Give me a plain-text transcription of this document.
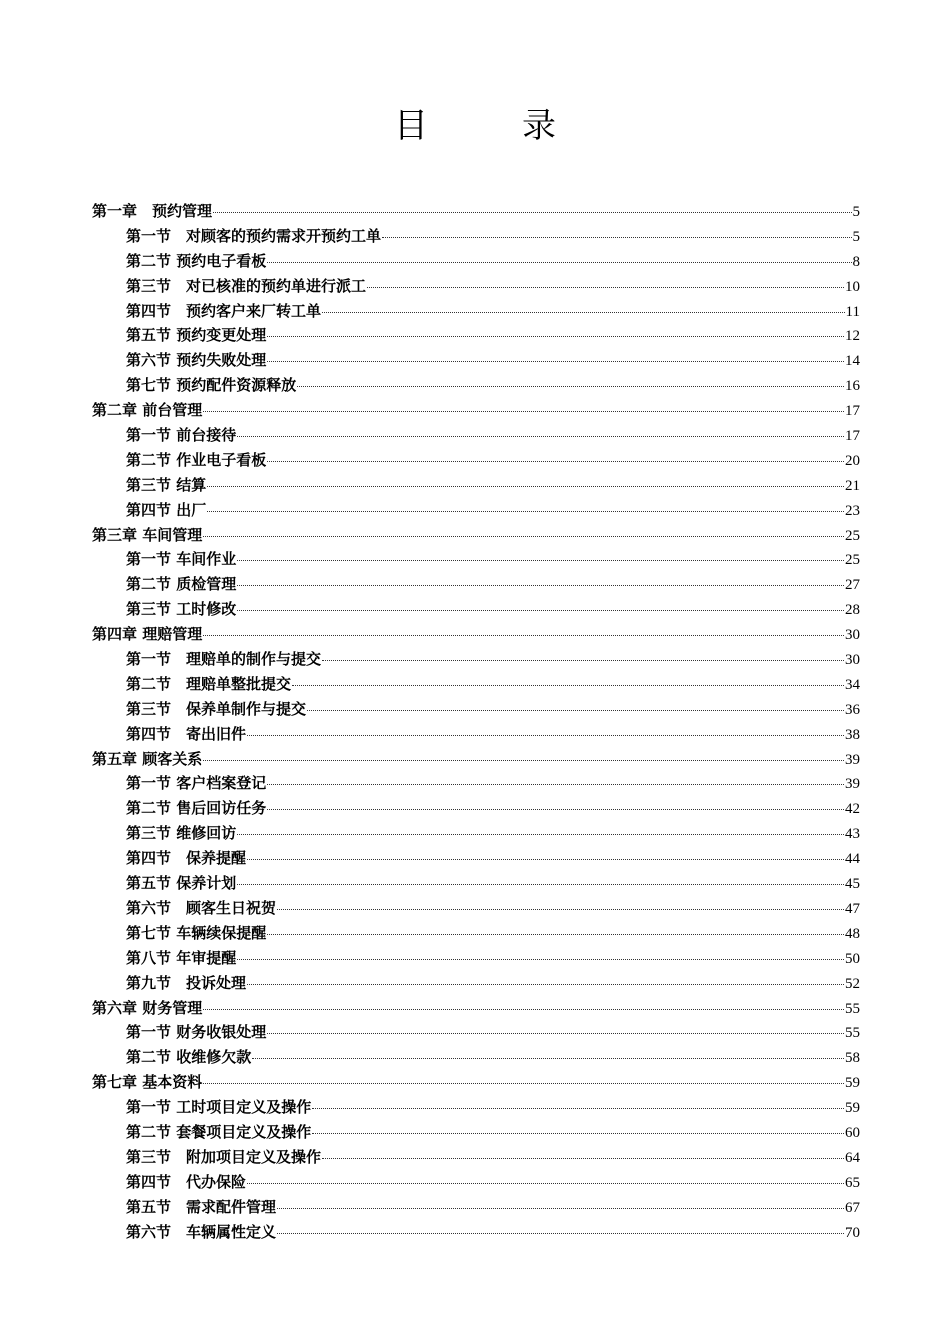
目　录
第一章　预约管理	5
第一节　对顾客的预约需求开预约工单	5
第二节 预约电子看板	8
第三节　对已核准的预约单进行派工	10
第四节　预约客户来厂转工单	11
第五节 预约变更处理	12
第六节 预约失败处理	14
第七节 预约配件资源释放	16
第二章 前台管理	17
第一节 前台接待	17
第二节 作业电子看板	20
第三节 结算	21
第四节 出厂	23
第三章 车间管理	25
第一节 车间作业	25
第二节 质检管理	27
第三节 工时修改	28
第四章 理赔管理	30
第一节　理赔单的制作与提交	30
第二节　理赔单整批提交	34
第三节　保养单制作与提交	36
第四节　寄出旧件	38
第五章 顾客关系	39
第一节 客户档案登记	39
第二节 售后回访任务	42
第三节 维修回访	43
第四节　保养提醒	44
第五节 保养计划	45
第六节　顾客生日祝贺	47
第七节 车辆续保提醒	48
第八节 年审提醒	50
第九节　投诉处理	52
第六章 财务管理	55
第一节 财务收银处理	55
第二节 收维修欠款	58
第七章 基本资料	59
第一节 工时项目定义及操作	59
第二节 套餐项目定义及操作	60
第三节　附加项目定义及操作	64
第四节　代办保险	65
第五节　需求配件管理	67
第六节　车辆属性定义	70
